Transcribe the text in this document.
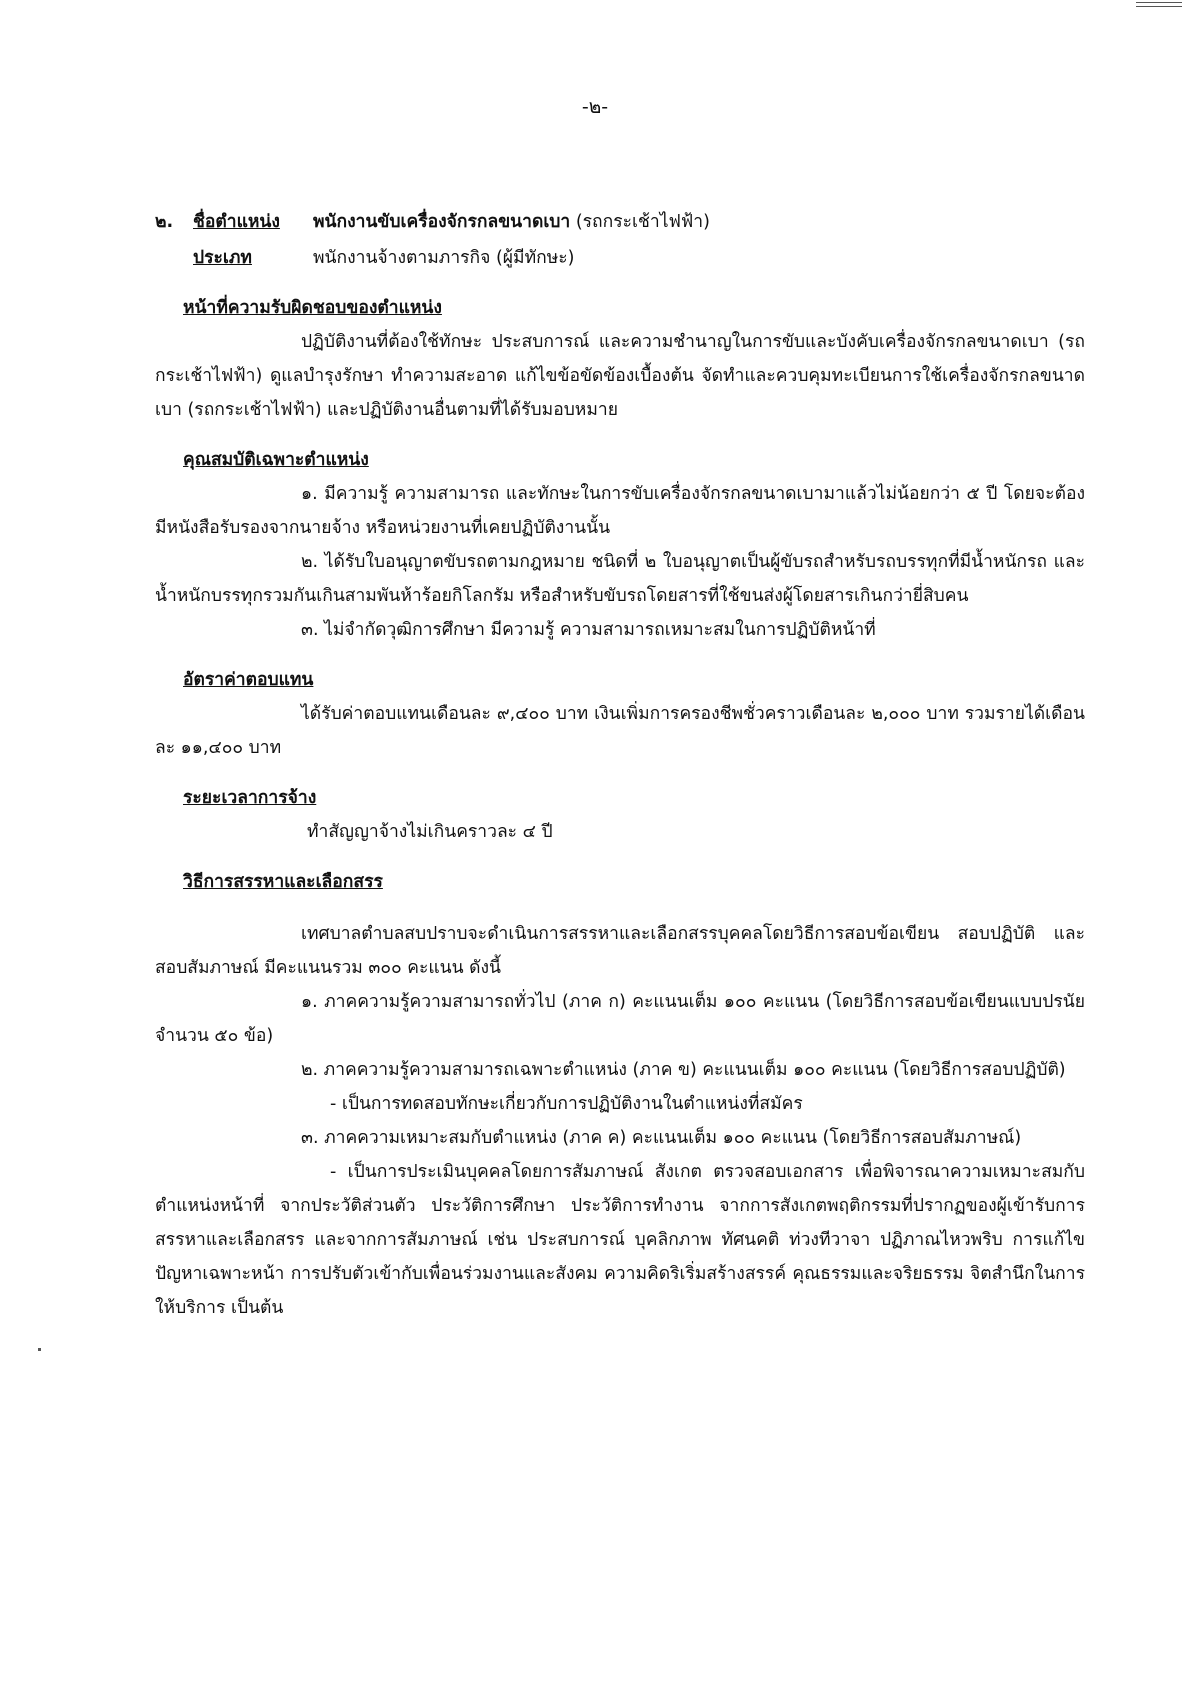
-๒-
๒.	ชื่อตำแหน่ง	พนักงานขับเครื่องจักรกลขนาดเบา (รถกระเช้าไฟฟ้า)
ประเภท	พนักงานจ้างตามภารกิจ (ผู้มีทักษะ)
หน้าที่ความรับผิดชอบของตำแหน่ง

ปฏิบัติงานที่ต้องใช้ทักษะ ประสบการณ์ และความชำนาญในการขับและบังคับเครื่องจักรกลขนาดเบา (รถกระเช้าไฟฟ้า) ดูแลบำรุงรักษา ทำความสะอาด แก้ไขข้อขัดข้องเบื้องต้น จัดทำและควบคุมทะเบียนการใช้เครื่องจักรกลขนาดเบา (รถกระเช้าไฟฟ้า) และปฏิบัติงานอื่นตามที่ได้รับมอบหมาย

คุณสมบัติเฉพาะตำแหน่ง

๑. มีความรู้ ความสามารถ และทักษะในการขับเครื่องจักรกลขนาดเบามาแล้วไม่น้อยกว่า ๕ ปี โดยจะต้องมีหนังสือรับรองจากนายจ้าง หรือหน่วยงานที่เคยปฏิบัติงานนั้น

๒. ได้รับใบอนุญาตขับรถตามกฎหมาย ชนิดที่ ๒ ใบอนุญาตเป็นผู้ขับรถสำหรับรถบรรทุกที่มีน้ำหนักรถ และน้ำหนักบรรทุกรวมกันเกินสามพันห้าร้อยกิโลกรัม หรือสำหรับขับรถโดยสารที่ใช้ขนส่งผู้โดยสารเกินกว่ายี่สิบคน

๓. ไม่จำกัดวุฒิการศึกษา มีความรู้ ความสามารถเหมาะสมในการปฏิบัติหน้าที่

อัตราค่าตอบแทน

ได้รับค่าตอบแทนเดือนละ ๙,๔๐๐ บาท เงินเพิ่มการครองชีพชั่วคราวเดือนละ ๒,๐๐๐ บาท รวมรายได้เดือนละ ๑๑,๔๐๐ บาท

ระยะเวลาการจ้าง
ทำสัญญาจ้างไม่เกินคราวละ ๔ ปี
วิธีการสรรหาและเลือกสรร

เทศบาลตำบลสบปราบจะดำเนินการสรรหาและเลือกสรรบุคคลโดยวิธีการสอบข้อเขียน สอบปฏิบัติ และสอบสัมภาษณ์ มีคะแนนรวม ๓๐๐ คะแนน ดังนี้

๑. ภาคความรู้ความสามารถทั่วไป (ภาค ก) คะแนนเต็ม ๑๐๐ คะแนน (โดยวิธีการสอบข้อเขียนแบบปรนัย จำนวน ๕๐ ข้อ)

๒. ภาคความรู้ความสามารถเฉพาะตำแหน่ง (ภาค ข) คะแนนเต็ม ๑๐๐ คะแนน (โดยวิธีการสอบปฏิบัติ)

- เป็นการทดสอบทักษะเกี่ยวกับการปฏิบัติงานในตำแหน่งที่สมัคร

๓. ภาคความเหมาะสมกับตำแหน่ง (ภาค ค) คะแนนเต็ม ๑๐๐ คะแนน (โดยวิธีการสอบสัมภาษณ์)

- เป็นการประเมินบุคคลโดยการสัมภาษณ์ สังเกต ตรวจสอบเอกสาร เพื่อพิจารณาความเหมาะสมกับตำแหน่งหน้าที่ จากประวัติส่วนตัว ประวัติการศึกษา ประวัติการทำงาน จากการสังเกตพฤติกรรมที่ปรากฏของผู้เข้ารับการสรรหาและเลือกสรร และจากการสัมภาษณ์ เช่น ประสบการณ์ บุคลิกภาพ ทัศนคติ ท่วงทีวาจา ปฏิภาณไหวพริบ การแก้ไขปัญหาเฉพาะหน้า การปรับตัวเข้ากับเพื่อนร่วมงานและสังคม ความคิดริเริ่มสร้างสรรค์ คุณธรรมและจริยธรรม จิตสำนึกในการให้บริการ เป็นต้น
